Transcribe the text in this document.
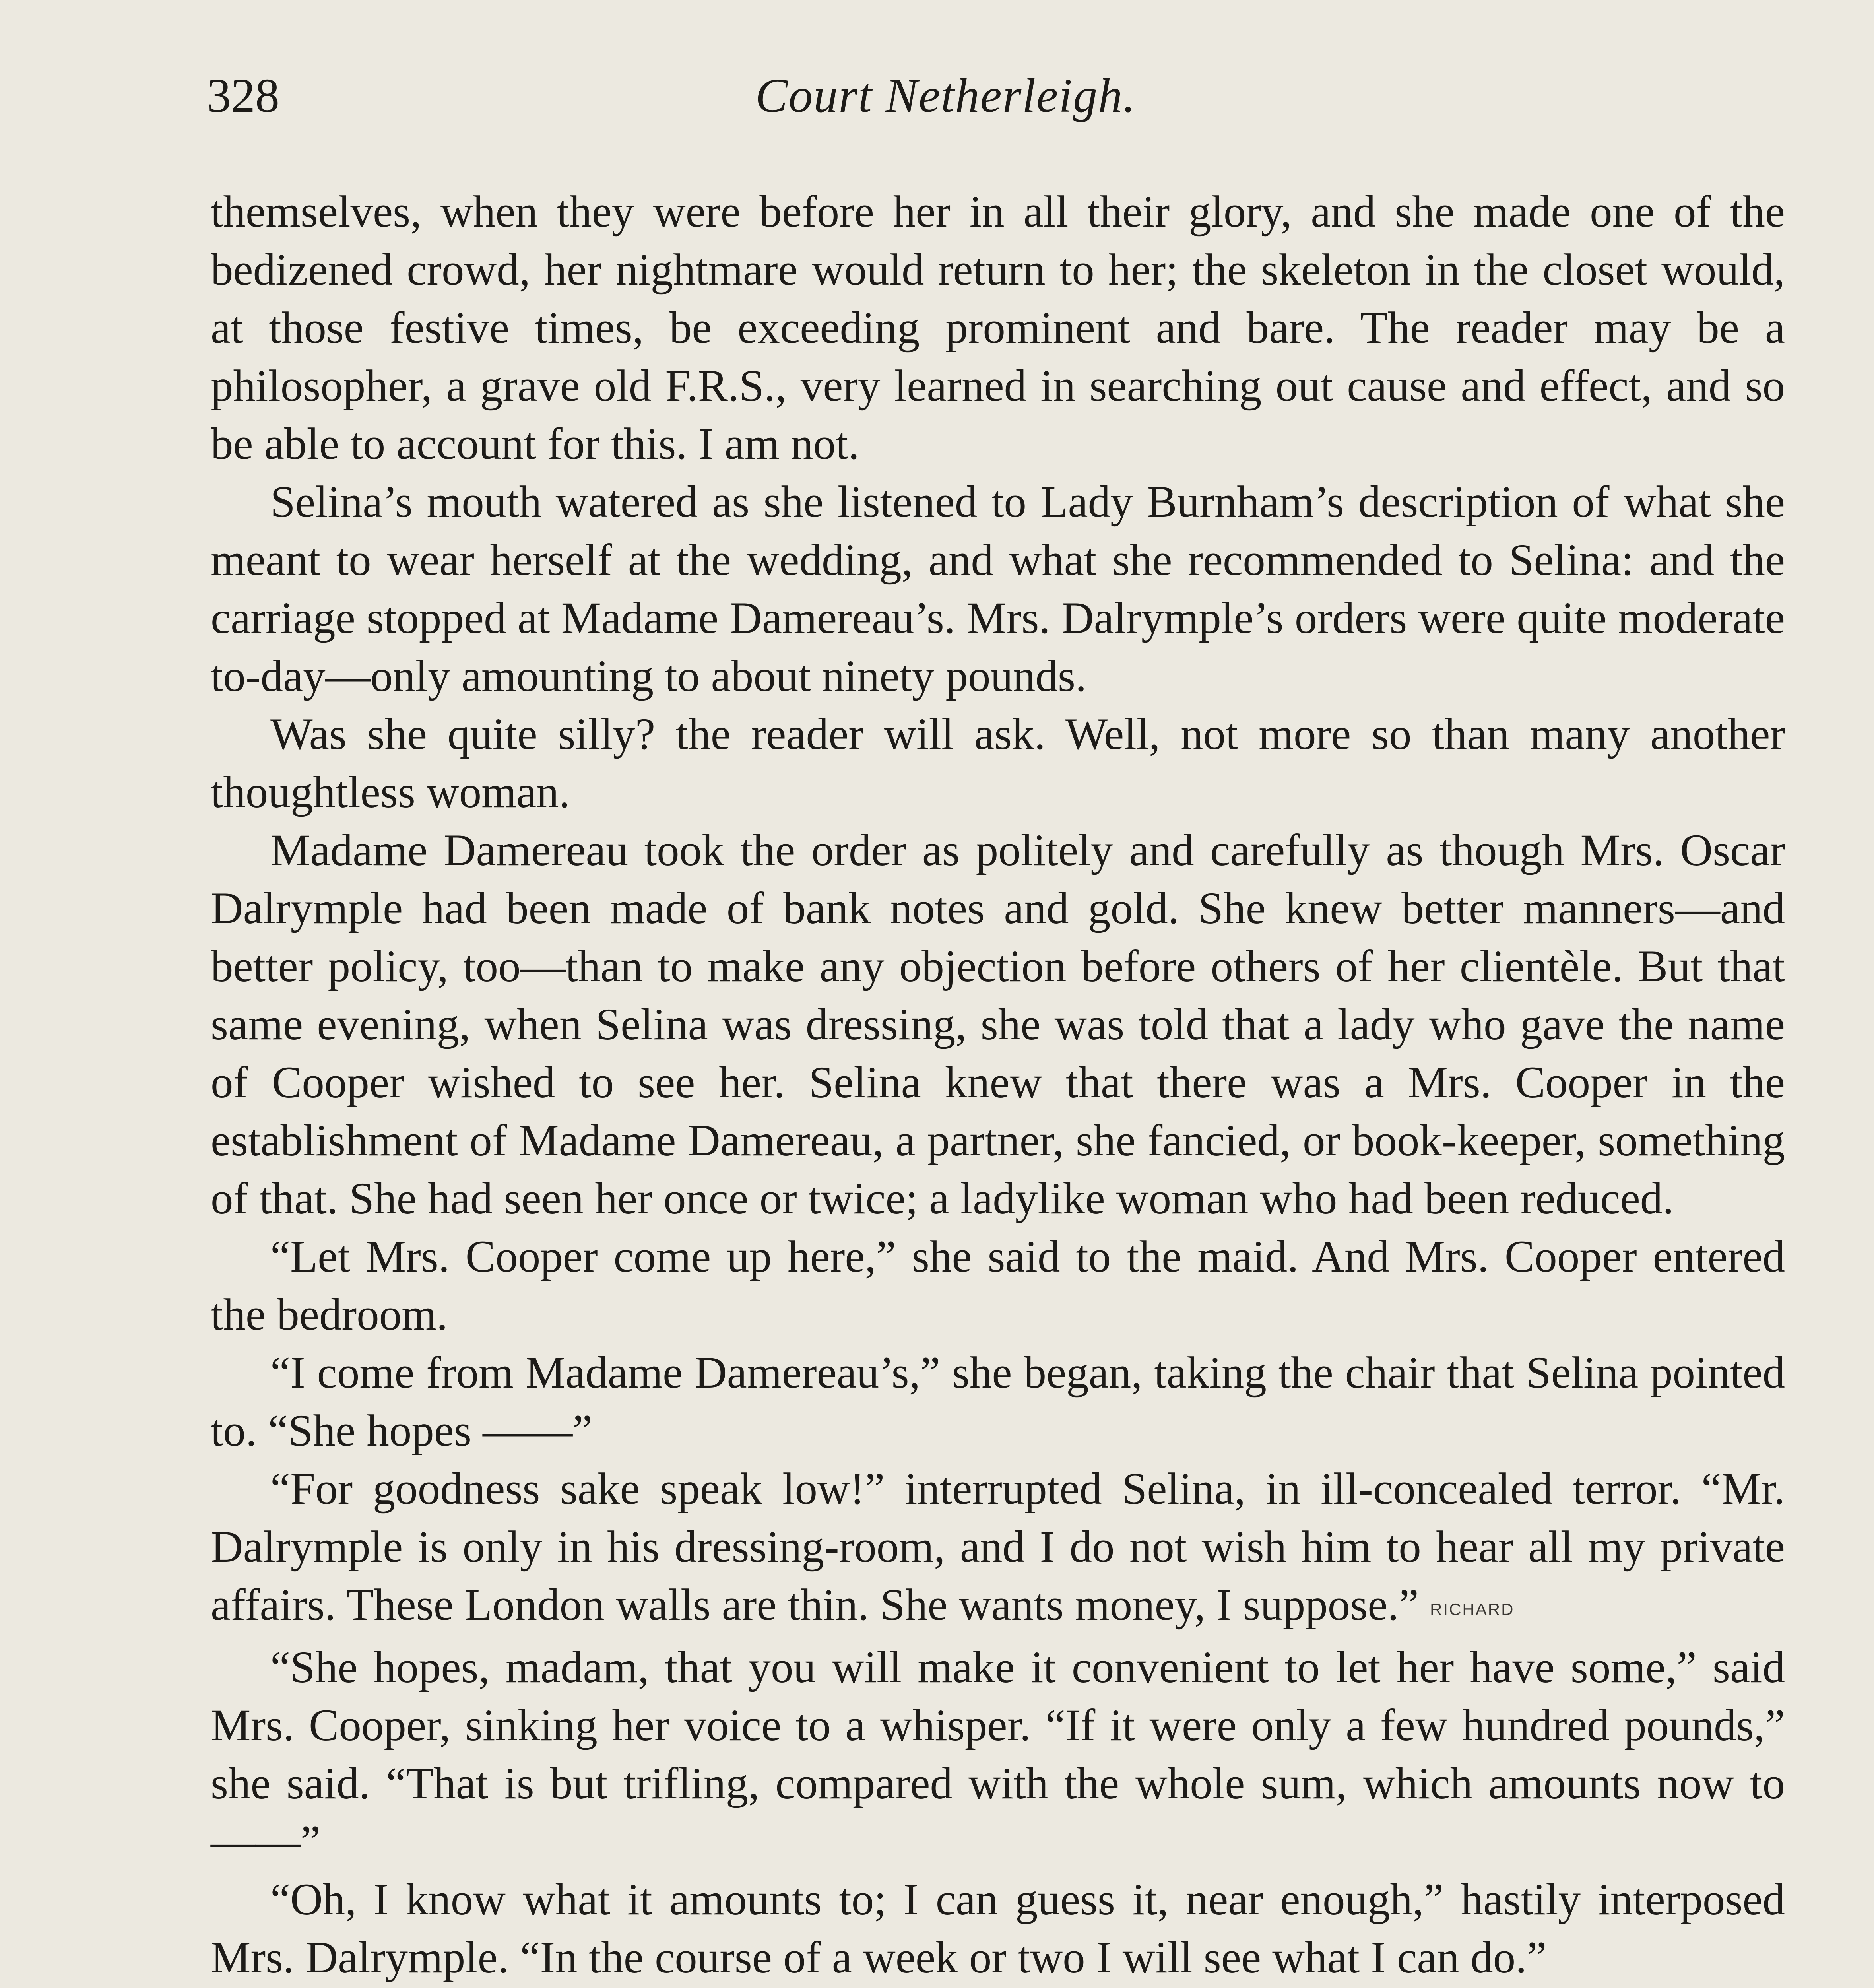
328	Court Netherleigh.

themselves, when they were before her in all their glory, and she made one of the bedizened crowd, her nightmare would return to her; the skeleton in the closet would, at those festive times, be exceeding prominent and bare. The reader may be a philosopher, a grave old F.R.S., very learned in searching out cause and effect, and so be able to account for this. I am not.

Selina’s mouth watered as she listened to Lady Burnham’s description of what she meant to wear herself at the wedding, and what she recommended to Selina: and the carriage stopped at Madame Damereau’s. Mrs. Dalrymple’s orders were quite moderate to-day—only amounting to about ninety pounds.

Was she quite silly? the reader will ask. Well, not more so than many another thoughtless woman.

Madame Damereau took the order as politely and carefully as though Mrs. Oscar Dalrymple had been made of bank notes and gold. She knew better manners—and better policy, too—than to make any objection before others of her clientèle. But that same evening, when Selina was dressing, she was told that a lady who gave the name of Cooper wished to see her. Selina knew that there was a Mrs. Cooper in the establishment of Madame Damereau, a partner, she fancied, or book-keeper, something of that. She had seen her once or twice; a ladylike woman who had been reduced.

“Let Mrs. Cooper come up here,” she said to the maid. And Mrs. Cooper entered the bedroom.

“I come from Madame Damereau’s,” she began, taking the chair that Selina pointed to. “She hopes ——”

“For goodness sake speak low!” interrupted Selina, in ill-concealed terror. “Mr. Dalrymple is only in his dressing-room, and I do not wish him to hear all my private affairs. These London walls are thin. She wants money, I suppose.” RICHARD

“She hopes, madam, that you will make it convenient to let her have some,” said Mrs. Cooper, sinking her voice to a whisper. “If it were only a few hundred pounds,” she said. “That is but trifling, compared with the whole sum, which amounts now to ——”

“Oh, I know what it amounts to; I can guess it, near enough,” hastily interposed Mrs. Dalrymple. “In the course of a week or two I will see what I can do.”
